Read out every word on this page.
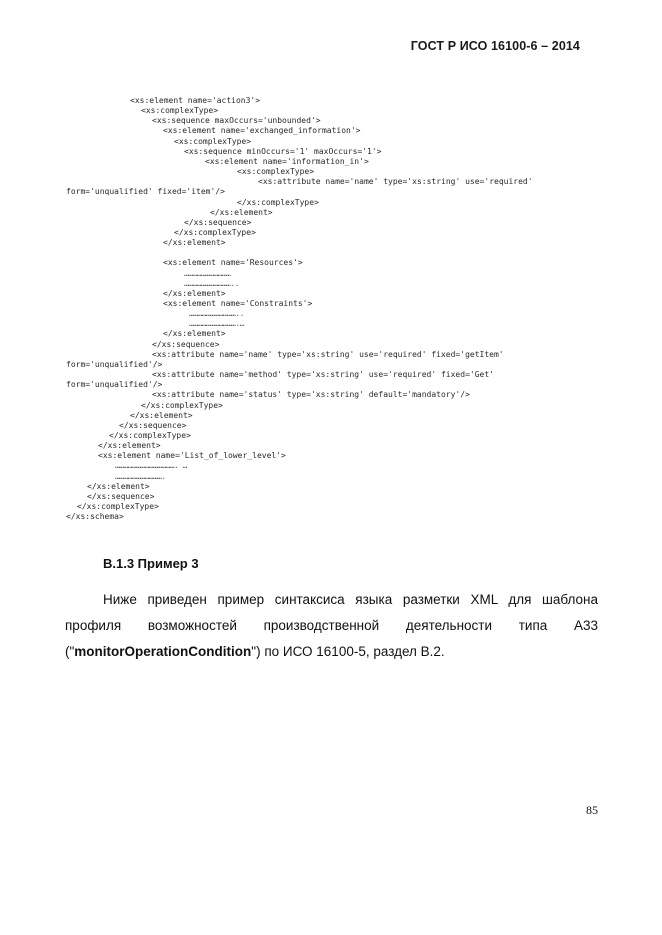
ГОСТ Р ИСО 16100-6 – 2014
<xs:element name='action3'>
<xs:complexType>
<xs:sequence maxOccurs='unbounded'>
<xs:element name='exchanged_information'>
<xs:complexType>
<xs:sequence minOccurs='1' maxOccurs='1'>
<xs:element name='information_in'>
<xs:complexType>
<xs:attribute name='name' type='xs:string' use='required'
form='unqualified' fixed='item'/>
</xs:complexType>
</xs:element>
</xs:sequence>
</xs:complexType>
</xs:element>
<xs:element name='Resources'>
……………………………
……………………………..
</xs:element>
<xs:element name='Constraints'>
……………………………..
…………………………….…
</xs:element>
</xs:sequence>
<xs:attribute name='name' type='xs:string' use='required' fixed='getItem'
form='unqualified'/>
<xs:attribute name='method' type='xs:string' use='required' fixed='Get'
form='unqualified'/>
<xs:attribute name='status' type='xs:string' default='mandatory'/>
</xs:complexType>
</xs:element>
</xs:sequence>
</xs:complexType>
</xs:element>
<xs:element name='List_of_lower_level'>
……………………………………. …
…………………………….
</xs:element>
</xs:sequence>
</xs:complexType>
</xs:schema>
B.1.3 Пример 3
Ниже приведен пример синтаксиса языка разметки XML для шаблона
профиля возможностей производственной деятельности типа A33
("monitorOperationCondition") по ИСО 16100-5, раздел B.2.
85
